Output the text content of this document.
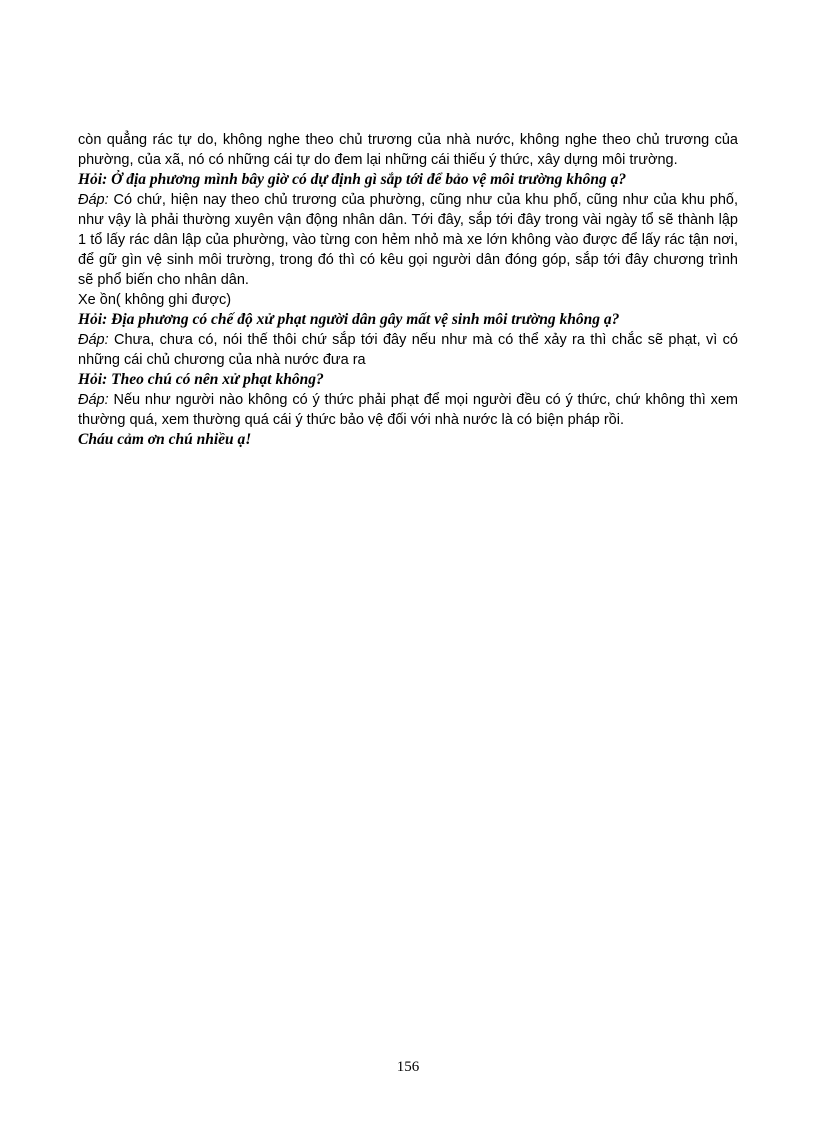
còn quẳng rác tự do, không nghe theo chủ trương của nhà nước, không nghe theo chủ trương của phường, của xã, nó có những cái tự do đem lại những cái thiếu ý thức, xây dựng môi trường.

Hỏi: Ở địa phương mình bây giờ có dự định gì sắp tới để bảo vệ môi trường không ạ?

Đáp: Có chứ, hiện nay theo chủ trương của phường, cũng như của khu phố, cũng như của khu phố, như vậy là phải thường xuyên vận động nhân dân. Tới đây, sắp tới đây trong vài ngày tổ sẽ thành lập 1 tổ lấy rác dân lập của phường, vào từng con hẻm nhỏ mà xe lớn không vào được để lấy rác tận nơi, để gữ gìn vệ sinh môi trường, trong đó thì có kêu gọi người dân đóng góp, sắp tới đây chương trình sẽ phổ biến cho nhân dân.

Xe ồn( không ghi được)

Hỏi: Địa phương có chế độ xử phạt người dân gây mất vệ sinh môi trường không ạ?

Đáp: Chưa, chưa có, nói thế thôi chứ sắp tới đây nếu như mà có thể xảy ra thì chắc sẽ phạt, vì có những cái chủ chương của nhà nước đưa ra

Hỏi: Theo chú có nên xử phạt không?

Đáp: Nếu như người nào không có ý thức phải phạt để mọi người đều có ý thức, chứ không thì xem thường quá, xem thường quá cái ý thức bảo vệ đối với nhà nước là có biện pháp rồi.

Cháu cảm ơn chú nhiều ạ!

156
